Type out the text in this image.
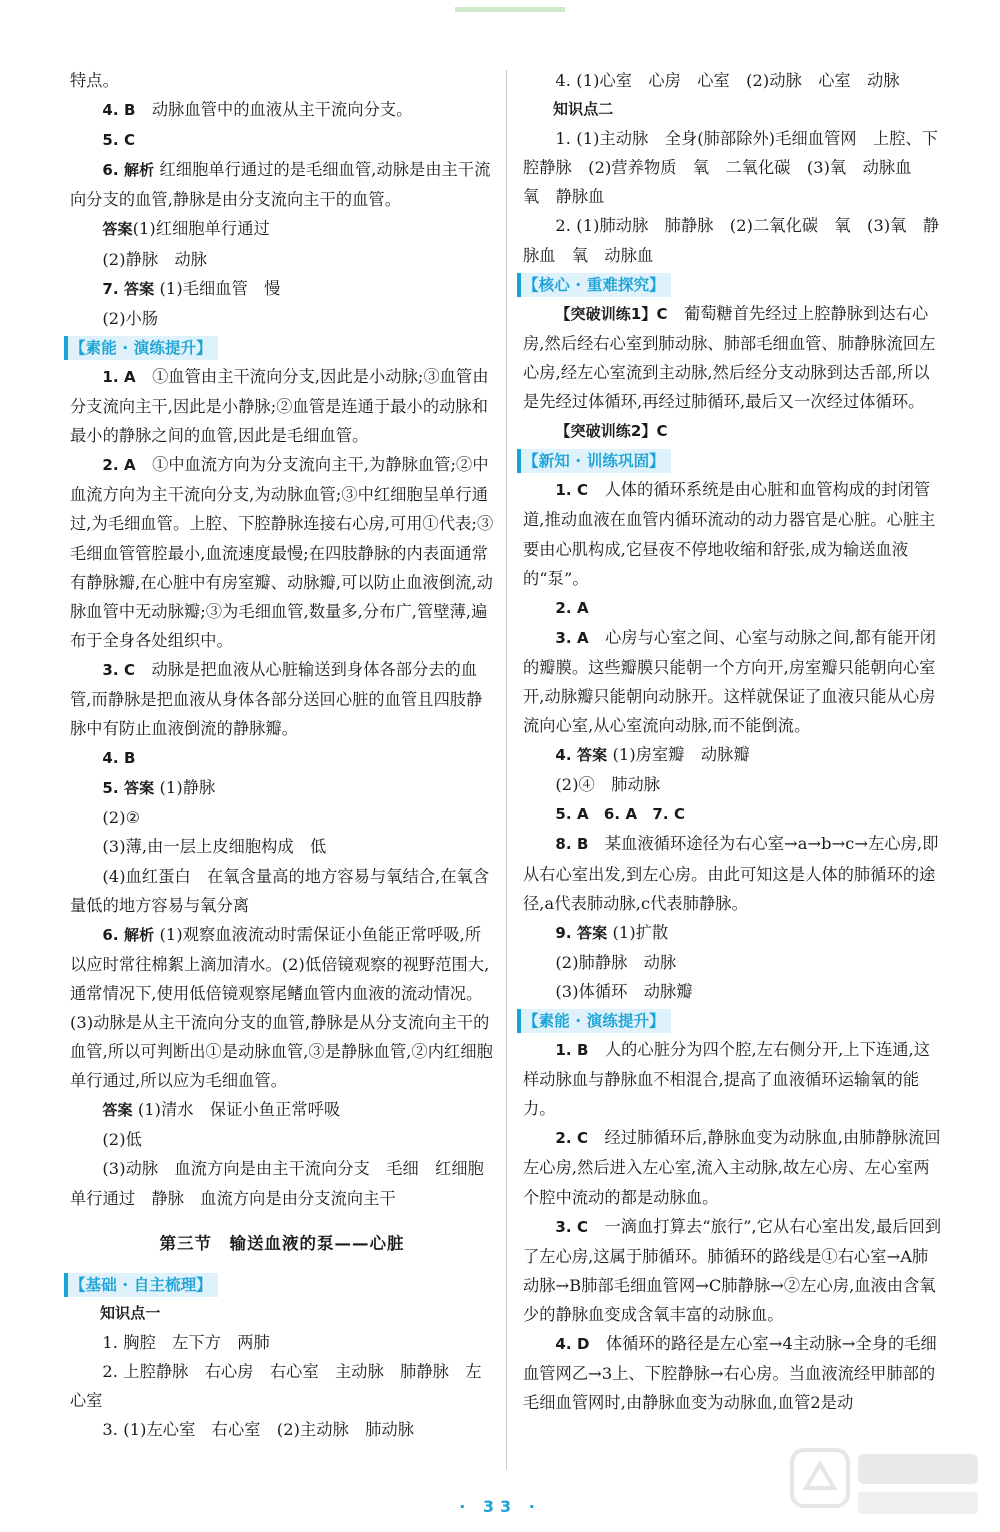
特点。

4. B　 动脉血管中的血液从主干流向分支。

5. C

6. 解析 红细胞单行通过的是毛细血管,动脉是由主干流向分支的血管,静脉是由分支流向主干的血管。

答案(1)红细胞单行通过

(2)静脉　动脉

7. 答案 (1)毛细血管　慢

(2)小肠

【素能 · 演练提升】

1. A　 ①血管由主干流向分支,因此是小动脉;③血管由分支流向主干,因此是小静脉;②血管是连通于最小的动脉和最小的静脉之间的血管,因此是毛细血管。

2. A　 ①中血流方向为分支流向主干,为静脉血管;②中血流方向为主干流向分支,为动脉血管;③中红细胞呈单行通过,为毛细血管。上腔、下腔静脉连接右心房,可用①代表;③毛细血管管腔最小,血流速度最慢;在四肢静脉的内表面通常有静脉瓣,在心脏中有房室瓣、动脉瓣,可以防止血液倒流,动脉血管中无动脉瓣;③为毛细血管,数量多,分布广,管壁薄,遍布于全身各处组织中。

3. C　 动脉是把血液从心脏输送到身体各部分去的血管,而静脉是把血液从身体各部分送回心脏的血管且四肢静脉中有防止血液倒流的静脉瓣。

4. B

5. 答案 (1)静脉

(2)②

(3)薄,由一层上皮细胞构成　低

(4)血红蛋白　在氧含量高的地方容易与氧结合,在氧含量低的地方容易与氧分离

6. 解析 (1)观察血液流动时需保证小鱼能正常呼吸,所以应时常往棉絮上滴加清水。(2)低倍镜观察的视野范围大,通常情况下,使用低倍镜观察尾鳍血管内血液的流动情况。(3)动脉是从主干流向分支的血管,静脉是从分支流向主干的血管,所以可判断出①是动脉血管,③是静脉血管,②内红细胞单行通过,所以应为毛细血管。

答案 (1)清水　保证小鱼正常呼吸

(2)低

(3)动脉　血流方向是由主干流向分支　毛细　红细胞单行通过　静脉　血流方向是由分支流向主干

第三节　输送血液的泵——心脏
【基础 · 自主梳理】
知识点一

1. 胸腔　左下方　两肺

2. 上腔静脉　右心房　右心室　主动脉　肺静脉　左心室

3. (1)左心室　右心室　(2)主动脉　肺动脉

4. (1)心室　心房　心室　(2)动脉　心室　动脉

知识点二

1. (1)主动脉　全身(肺部除外)毛细血管网　上腔、下腔静脉　(2)营养物质　氧　二氧化碳　(3)氧　动脉血　氧　静脉血

2. (1)肺动脉　肺静脉　(2)二氧化碳　氧　(3)氧　静脉血　氧　动脉血

【核心 · 重难探究】

【突破训练1】C　 葡萄糖首先经过上腔静脉到达右心房,然后经右心室到肺动脉、肺部毛细血管、肺静脉流回左心房,经左心室流到主动脉,然后经分支动脉到达舌部,所以是先经过体循环,再经过肺循环,最后又一次经过体循环。

【突破训练2】C

【新知 · 训练巩固】

1. C　 人体的循环系统是由心脏和血管构成的封闭管道,推动血液在血管内循环流动的动力器官是心脏。心脏主要由心肌构成,它昼夜不停地收缩和舒张,成为输送血液的“泵”。

2. A

3. A　 心房与心室之间、心室与动脉之间,都有能开闭的瓣膜。这些瓣膜只能朝一个方向开,房室瓣只能朝向心室开,动脉瓣只能朝向动脉开。这样就保证了血液只能从心房流向心室,从心室流向动脉,而不能倒流。

4. 答案 (1)房室瓣　动脉瓣

(2)④　肺动脉

5. A　6. A　7. C

8. B　 某血液循环途径为右心室→a→b→c→左心房,即从右心室出发,到左心房。由此可知这是人体的肺循环的途径,a代表肺动脉,c代表肺静脉。

9. 答案 (1)扩散

(2)肺静脉　动脉

(3)体循环　动脉瓣

【素能 · 演练提升】

1. B　 人的心脏分为四个腔,左右侧分开,上下连通,这样动脉血与静脉血不相混合,提高了血液循环运输氧的能力。

2. C　 经过肺循环后,静脉血变为动脉血,由肺静脉流回左心房,然后进入左心室,流入主动脉,故左心房、左心室两个腔中流动的都是动脉血。

3. C　 一滴血打算去“旅行”,它从右心室出发,最后回到了左心房,这属于肺循环。肺循环的路线是①右心室→A肺动脉→B肺部毛细血管网→C肺静脉→②左心房,血液由含氧少的静脉血变成含氧丰富的动脉血。

4. D　 体循环的路径是左心室→4主动脉→全身的毛细血管网乙→3上、下腔静脉→右心房。当血液流经甲肺部的毛细血管网时,由静脉血变为动脉血,血管2是动

· 33 ·
